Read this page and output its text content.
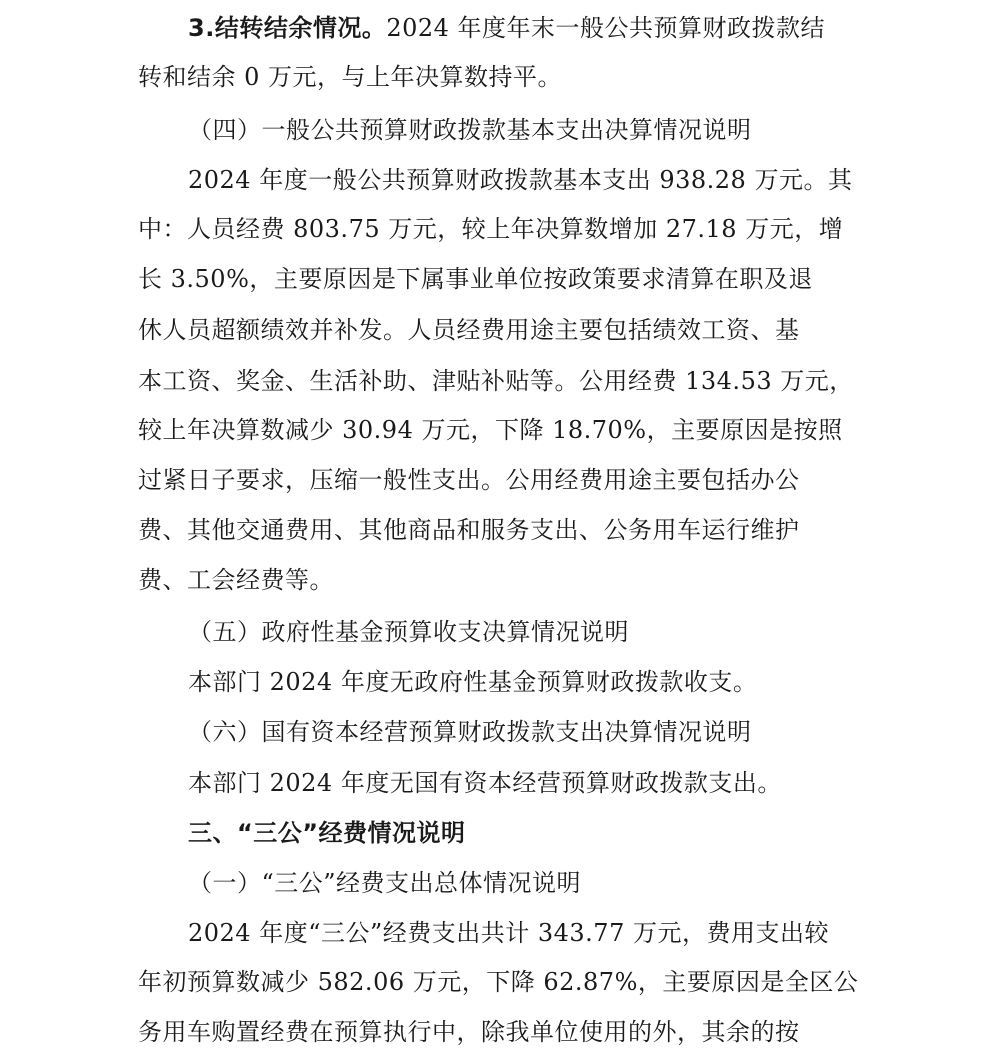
3.结转结余情况。2024 年度年末一般公共预算财政拨款结
转和结余 0 万元，与上年决算数持平。
（四）一般公共预算财政拨款基本支出决算情况说明
2024 年度一般公共预算财政拨款基本支出 938.28 万元。其
中：人员经费 803.75 万元，较上年决算数增加 27.18 万元，增
长 3.50%，主要原因是下属事业单位按政策要求清算在职及退
休人员超额绩效并补发。人员经费用途主要包括绩效工资、基
本工资、奖金、生活补助、津贴补贴等。公用经费 134.53 万元，
较上年决算数减少 30.94 万元，下降 18.70%，主要原因是按照
过紧日子要求，压缩一般性支出。公用经费用途主要包括办公
费、其他交通费用、其他商品和服务支出、公务用车运行维护
费、工会经费等。
（五）政府性基金预算收支决算情况说明
本部门 2024 年度无政府性基金预算财政拨款收支。
（六）国有资本经营预算财政拨款支出决算情况说明
本部门 2024 年度无国有资本经营预算财政拨款支出。
三、“三公”经费情况说明
（一）“三公”经费支出总体情况说明
2024 年度“三公”经费支出共计 343.77 万元，费用支出较
年初预算数减少 582.06 万元，下降 62.87%，主要原因是全区公
务用车购置经费在预算执行中，除我单位使用的外，其余的按
